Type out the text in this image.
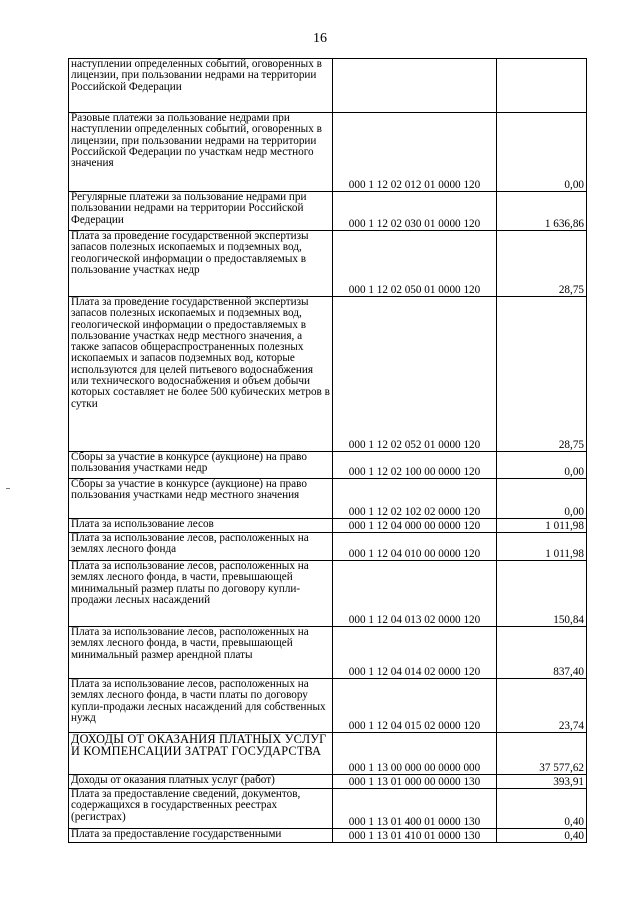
16
наступлении определенных событий, оговоренных в лицензии, при пользовании недрами на территории Российской Федерации		
Разовые платежи за пользование недрами при наступлении определенных событий, оговоренных в лицензии, при пользовании недрами на территории Российской Федерации по участкам недр местного значения	000 1 12 02 012 01 0000 120	0,00
Регулярные платежи за пользование недрами при пользовании недрами на территории Российской Федерации	000 1 12 02 030 01 0000 120	1 636,86
Плата за проведение государственной экспертизы запасов полезных ископаемых и подземных вод, геологической информации о предоставляемых в пользование участках недр	000 1 12 02 050 01 0000 120	28,75
Плата за проведение государственной экспертизы запасов полезных ископаемых и подземных вод, геологической информации о предоставляемых в пользование участках недр местного значения, а также запасов общераспространенных полезных ископаемых и запасов подземных вод, которые используются для целей питьевого водоснабжения или технического водоснабжения и объем добычи которых составляет не более 500 кубических метров в сутки	000 1 12 02 052 01 0000 120	28,75
Сборы за участие в конкурсе (аукционе) на право пользования участками недр	000 1 12 02 100 00 0000 120	0,00
Сборы за участие в конкурсе (аукционе) на право пользования участками недр местного значения	000 1 12 02 102 02 0000 120	0,00
Плата за использование лесов	000 1 12 04 000 00 0000 120	1 011,98
Плата за использование лесов, расположенных на землях лесного фонда	000 1 12 04 010 00 0000 120	1 011,98
Плата за использование лесов, расположенных на землях лесного фонда, в части, превышающей минимальный размер платы по договору купли-продажи лесных насаждений	000 1 12 04 013 02 0000 120	150,84
Плата за использование лесов, расположенных на землях лесного фонда, в части, превышающей минимальный размер арендной платы	000 1 12 04 014 02 0000 120	837,40
Плата за использование лесов, расположенных на землях лесного фонда, в части платы по договору купли-продажи лесных насаждений для собственных нужд	000 1 12 04 015 02 0000 120	23,74
ДОХОДЫ ОТ ОКАЗАНИЯ ПЛАТНЫХ УСЛУГ И КОМПЕНСАЦИИ ЗАТРАТ ГОСУДАРСТВА	000 1 13 00 000 00 0000 000	37 577,62
Доходы от оказания платных услуг (работ)	000 1 13 01 000 00 0000 130	393,91
Плата за предоставление сведений, документов, содержащихся в государственных реестрах (регистрах)	000 1 13 01 400 01 0000 130	0,40
Плата за предоставление государственными	000 1 13 01 410 01 0000 130	0,40
